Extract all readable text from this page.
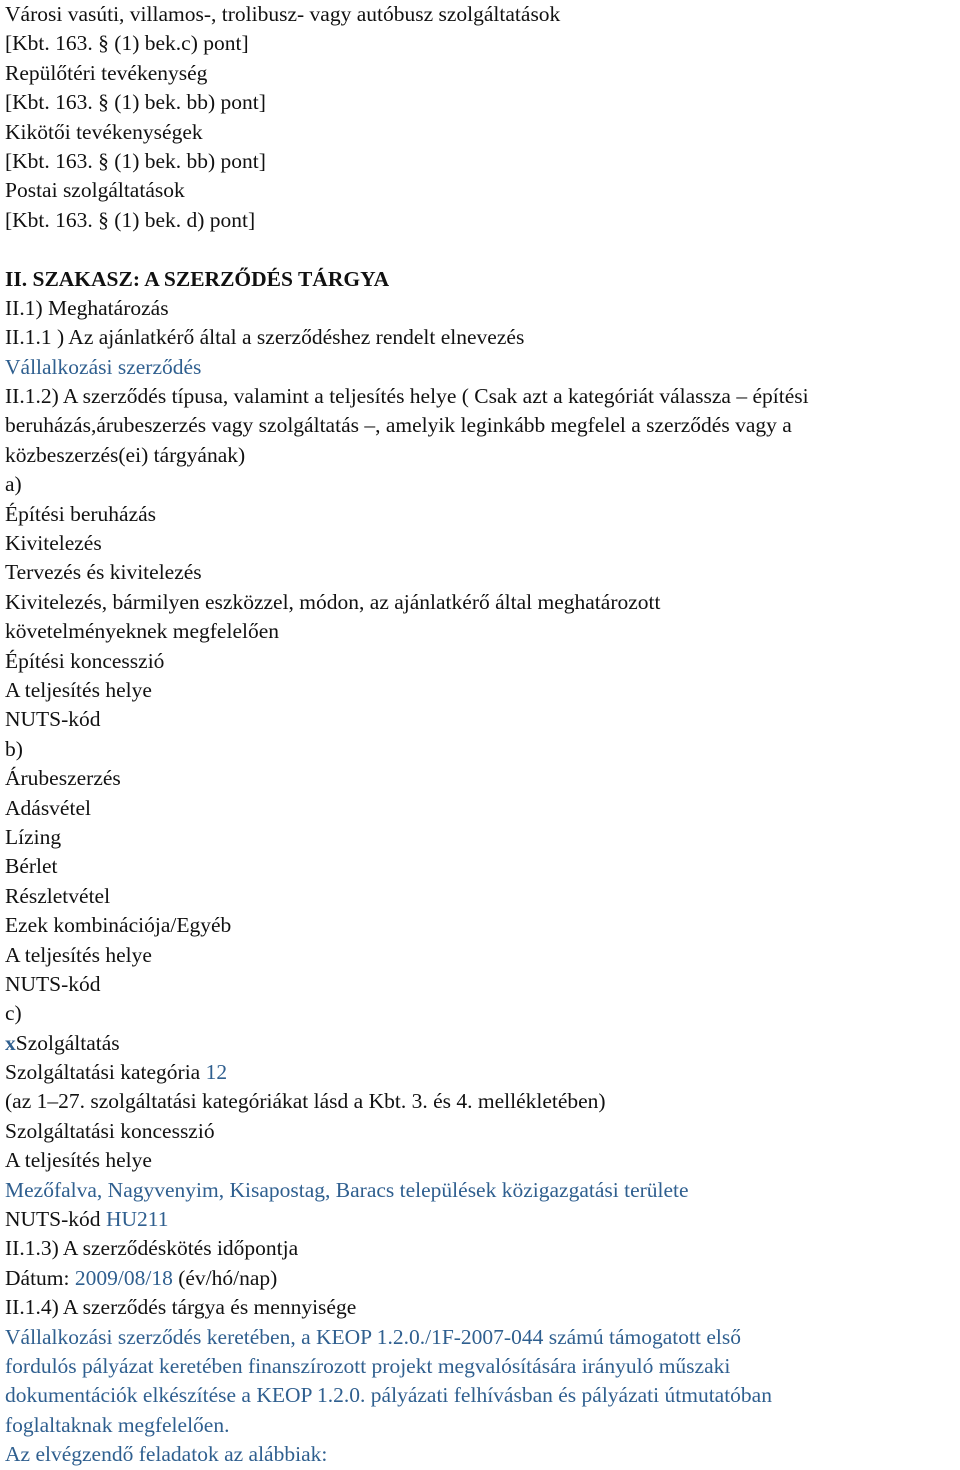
Városi vasúti, villamos-, trolibusz- vagy autóbusz szolgáltatások
[Kbt. 163. § (1) bek.c) pont]
Repülőtéri tevékenység
[Kbt. 163. § (1) bek. bb) pont]
Kikötői tevékenységek
[Kbt. 163. § (1) bek. bb) pont]
Postai szolgáltatások
[Kbt. 163. § (1) bek. d) pont]
II. SZAKASZ: A SZERZŐDÉS TÁRGYA
II.1) Meghatározás
II.1.1 ) Az ajánlatkérő által a szerződéshez rendelt elnevezés
Vállalkozási szerződés
II.1.2) A szerződés típusa, valamint a teljesítés helye ( Csak azt a kategóriát válassza – építési
beruházás,árubeszerzés vagy szolgáltatás –, amelyik leginkább megfelel a szerződés vagy a
közbeszerzés(ei) tárgyának)
a)
Építési beruházás
Kivitelezés
Tervezés és kivitelezés
Kivitelezés, bármilyen eszközzel, módon, az ajánlatkérő által meghatározott
követelményeknek megfelelően
Építési koncesszió
A teljesítés helye
NUTS-kód
b)
Árubeszerzés
Adásvétel
Lízing
Bérlet
Részletvétel
Ezek kombinációja/Egyéb
A teljesítés helye
NUTS-kód
c)
xSzolgáltatás
Szolgáltatási kategória 12
(az 1–27. szolgáltatási kategóriákat lásd a Kbt. 3. és 4. mellékletében)
Szolgáltatási koncesszió
A teljesítés helye
Mezőfalva, Nagyvenyim, Kisapostag, Baracs települések közigazgatási területe
NUTS-kód HU211
II.1.3) A szerződéskötés időpontja
Dátum: 2009/08/18 (év/hó/nap)
II.1.4) A szerződés tárgya és mennyisége
Vállalkozási szerződés keretében, a KEOP 1.2.0./1F-2007-044 számú támogatott első
fordulós pályázat keretében finanszírozott projekt megvalósítására irányuló műszaki
dokumentációk elkészítése a KEOP 1.2.0. pályázati felhívásban és pályázati útmutatóban
foglaltaknak megfelelően.
Az elvégzendő feladatok az alábbiak:
